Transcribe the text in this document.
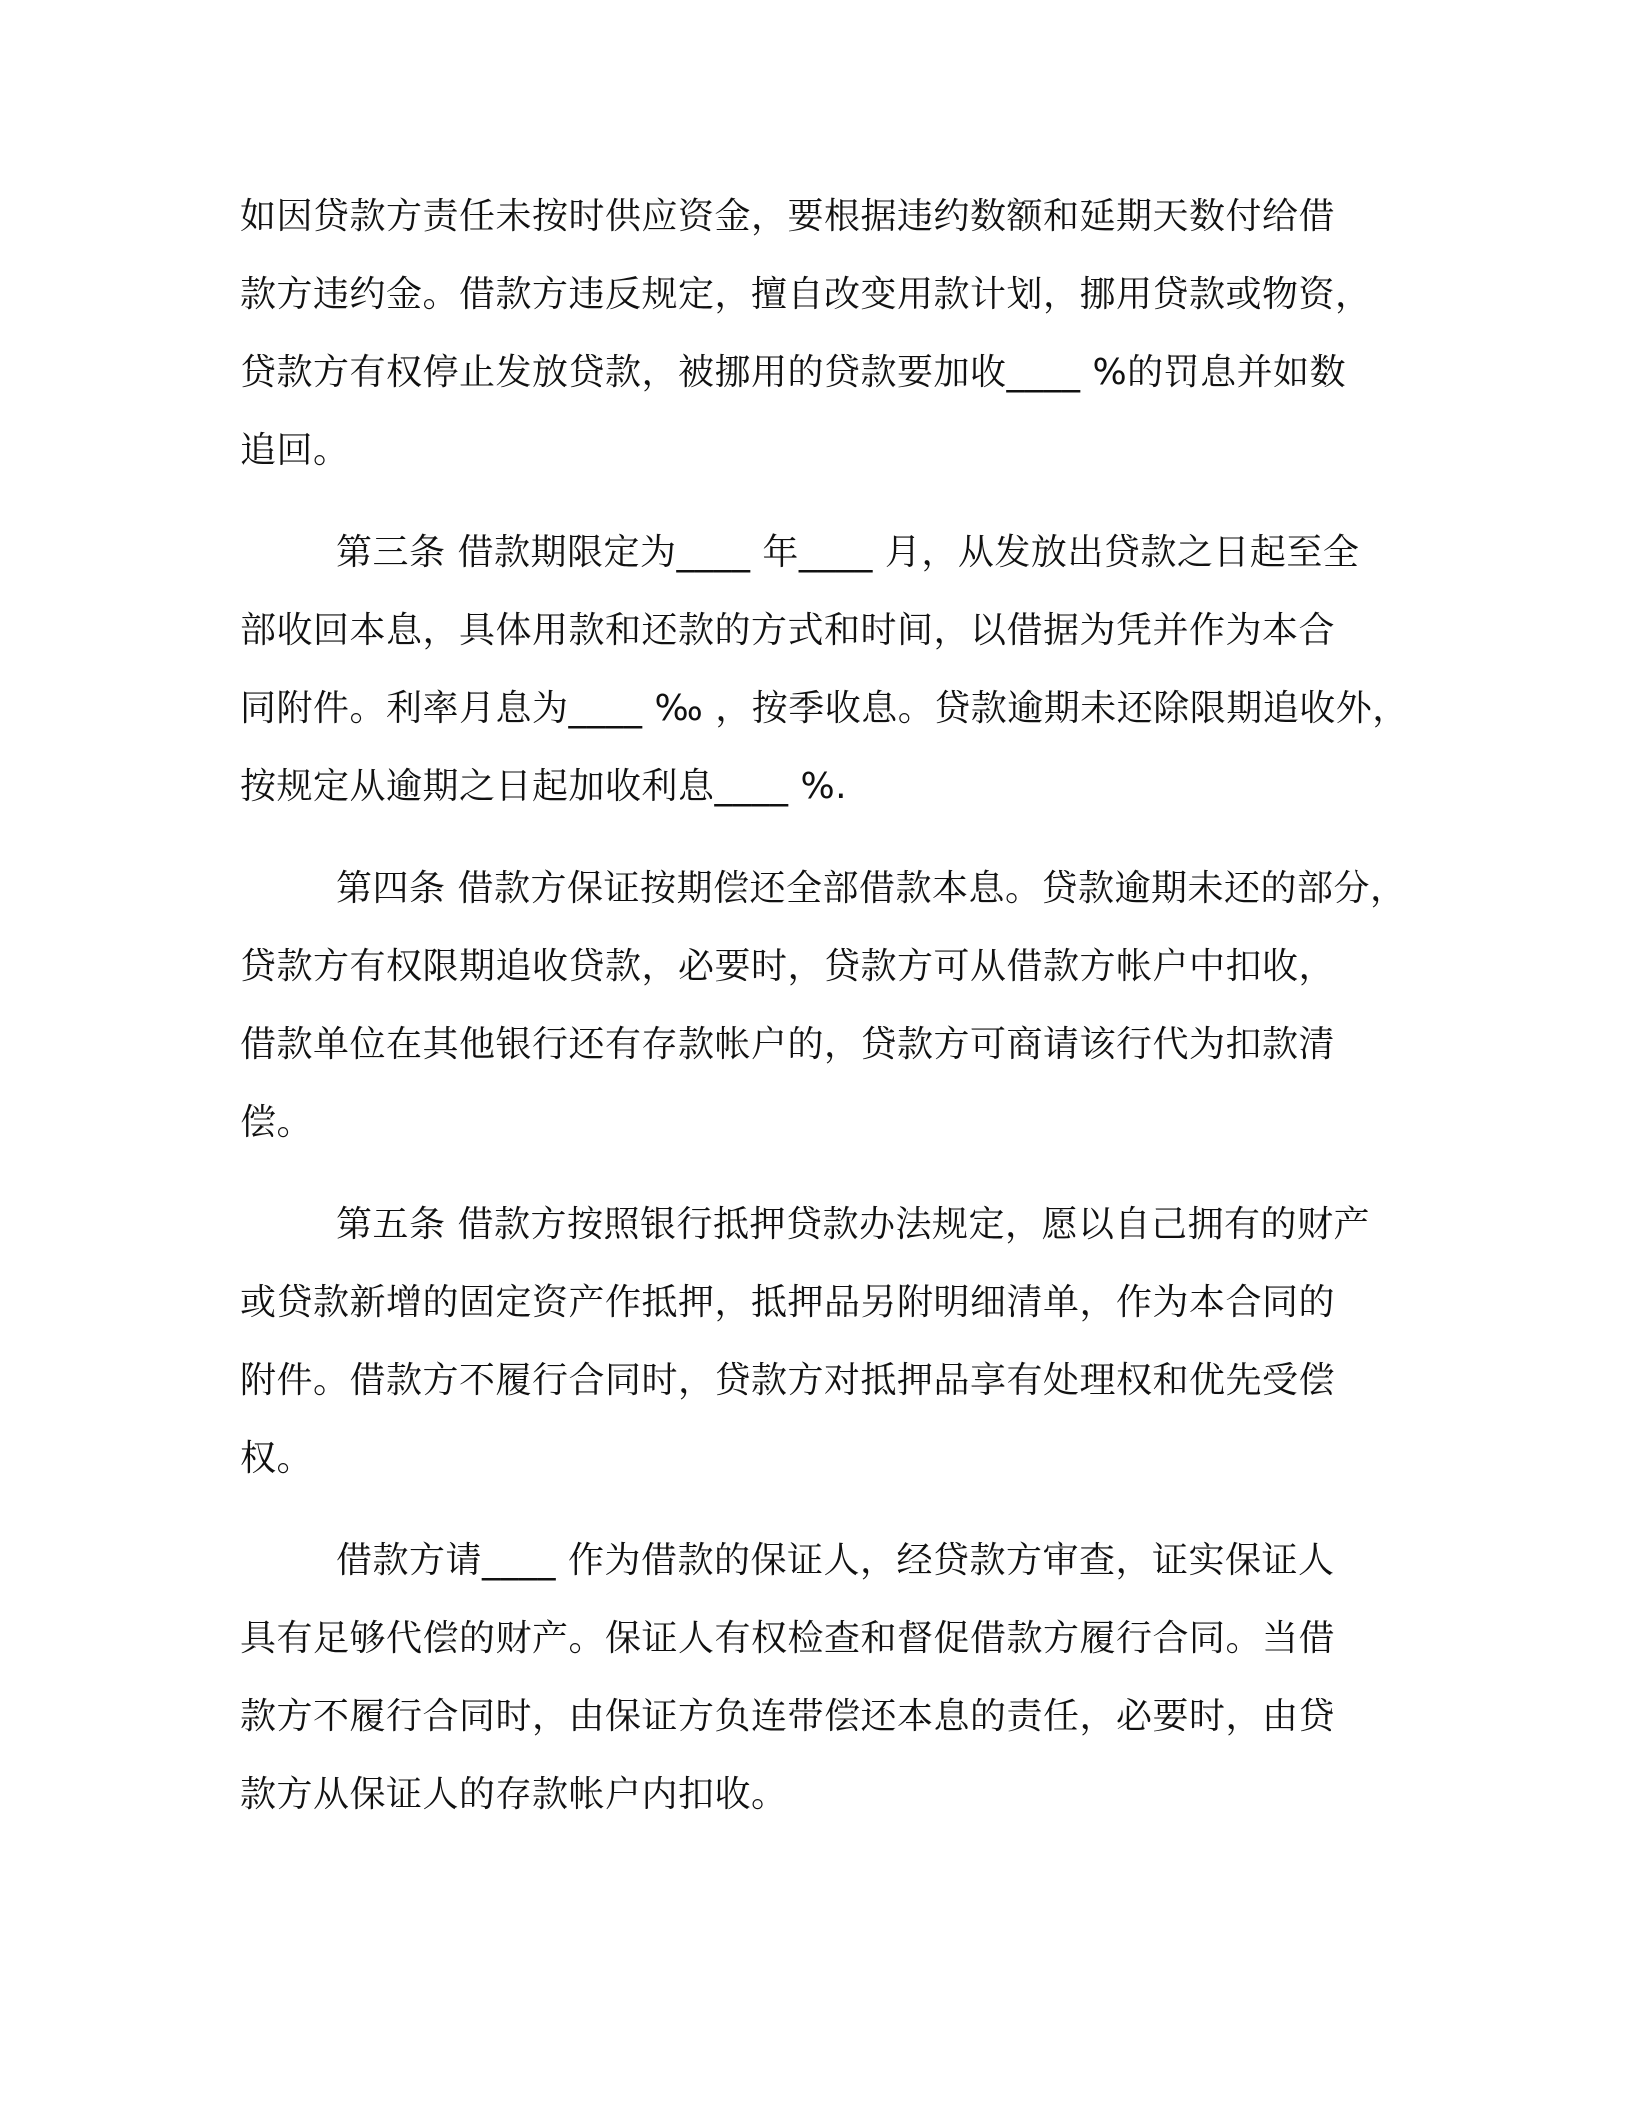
如因贷款方责任未按时供应资金，要根据违约数额和延期天数付给借
款方违约金。借款方违反规定，擅自改变用款计划，挪用贷款或物资，
贷款方有权停止发放贷款，被挪用的贷款要加收____ %的罚息并如数
追回。
第三条 借款期限定为____ 年____ 月，从发放出贷款之日起至全
部收回本息，具体用款和还款的方式和时间，以借据为凭并作为本合
同附件。利率月息为____ ‰ ，按季收息。贷款逾期未还除限期追收外，
按规定从逾期之日起加收利息____ %.
第四条 借款方保证按期偿还全部借款本息。贷款逾期未还的部分，
贷款方有权限期追收贷款，必要时，贷款方可从借款方帐户中扣收，
借款单位在其他银行还有存款帐户的，贷款方可商请该行代为扣款清
偿。
第五条 借款方按照银行抵押贷款办法规定，愿以自己拥有的财产
或贷款新增的固定资产作抵押，抵押品另附明细清单，作为本合同的
附件。借款方不履行合同时，贷款方对抵押品享有处理权和优先受偿
权。
借款方请____ 作为借款的保证人，经贷款方审查，证实保证人
具有足够代偿的财产。保证人有权检查和督促借款方履行合同。当借
款方不履行合同时，由保证方负连带偿还本息的责任，必要时，由贷
款方从保证人的存款帐户内扣收。
